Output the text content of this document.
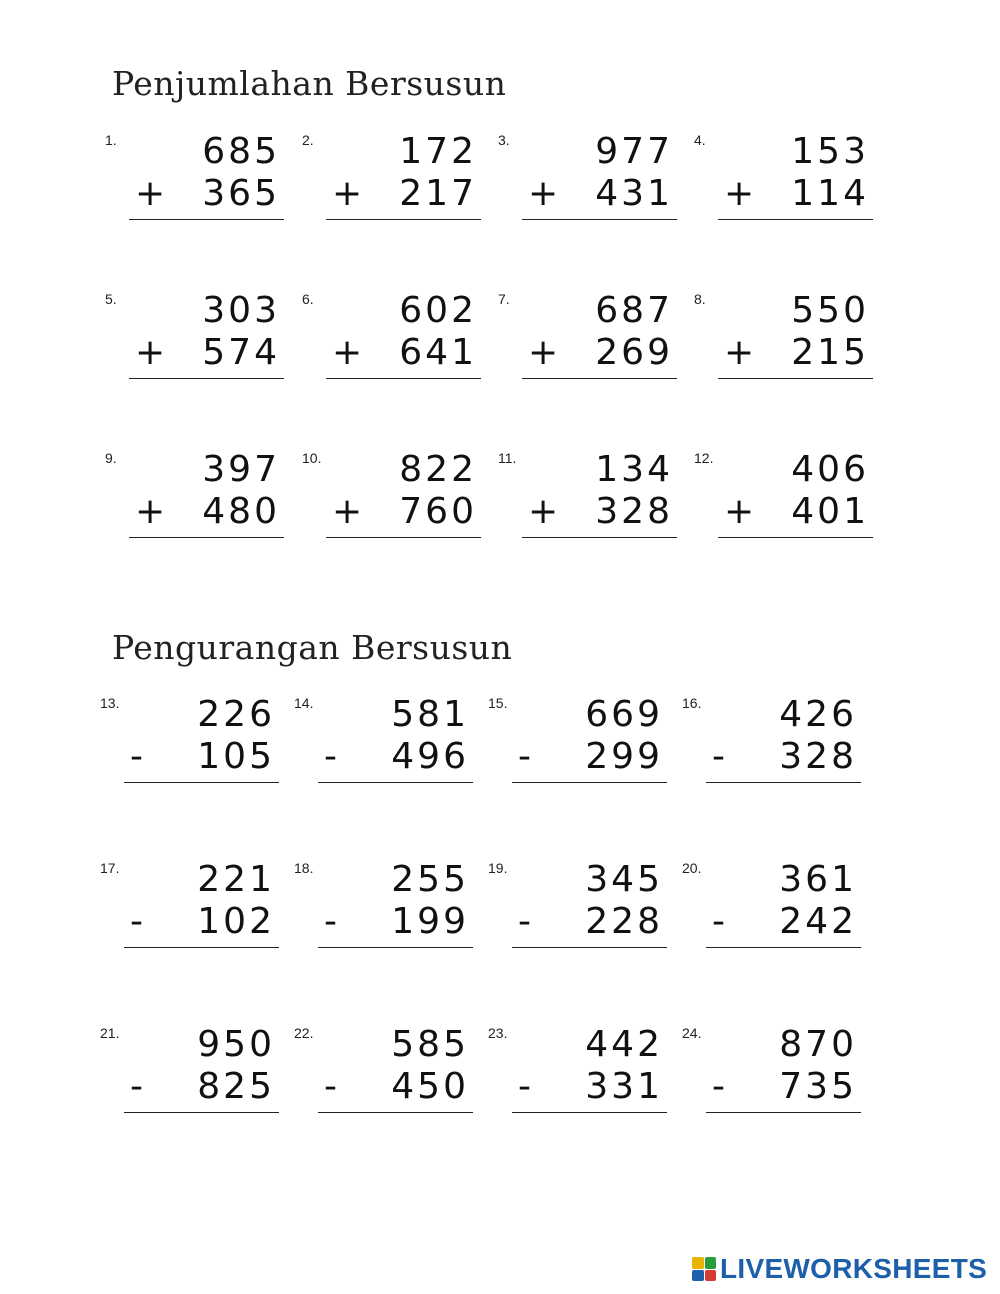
Penjumlahan Bersusun
1. 685
+ 365
2. 172
+ 217
3. 977
+ 431
4. 153
+ 114
5. 303
+ 574
6. 602
+ 641
7. 687
+ 269
8. 550
+ 215
9. 397
+ 480
10. 822
+ 760
11. 134
+ 328
12. 406
+ 401
Pengurangan Bersusun
13. 226
- 105
14. 581
- 496
15. 669
- 299
16. 426
- 328
17. 221
- 102
18. 255
- 199
19. 345
- 228
20. 361
- 242
21. 950
- 825
22. 585
- 450
23. 442
- 331
24. 870
- 735
LIVEWORKSHEETS
